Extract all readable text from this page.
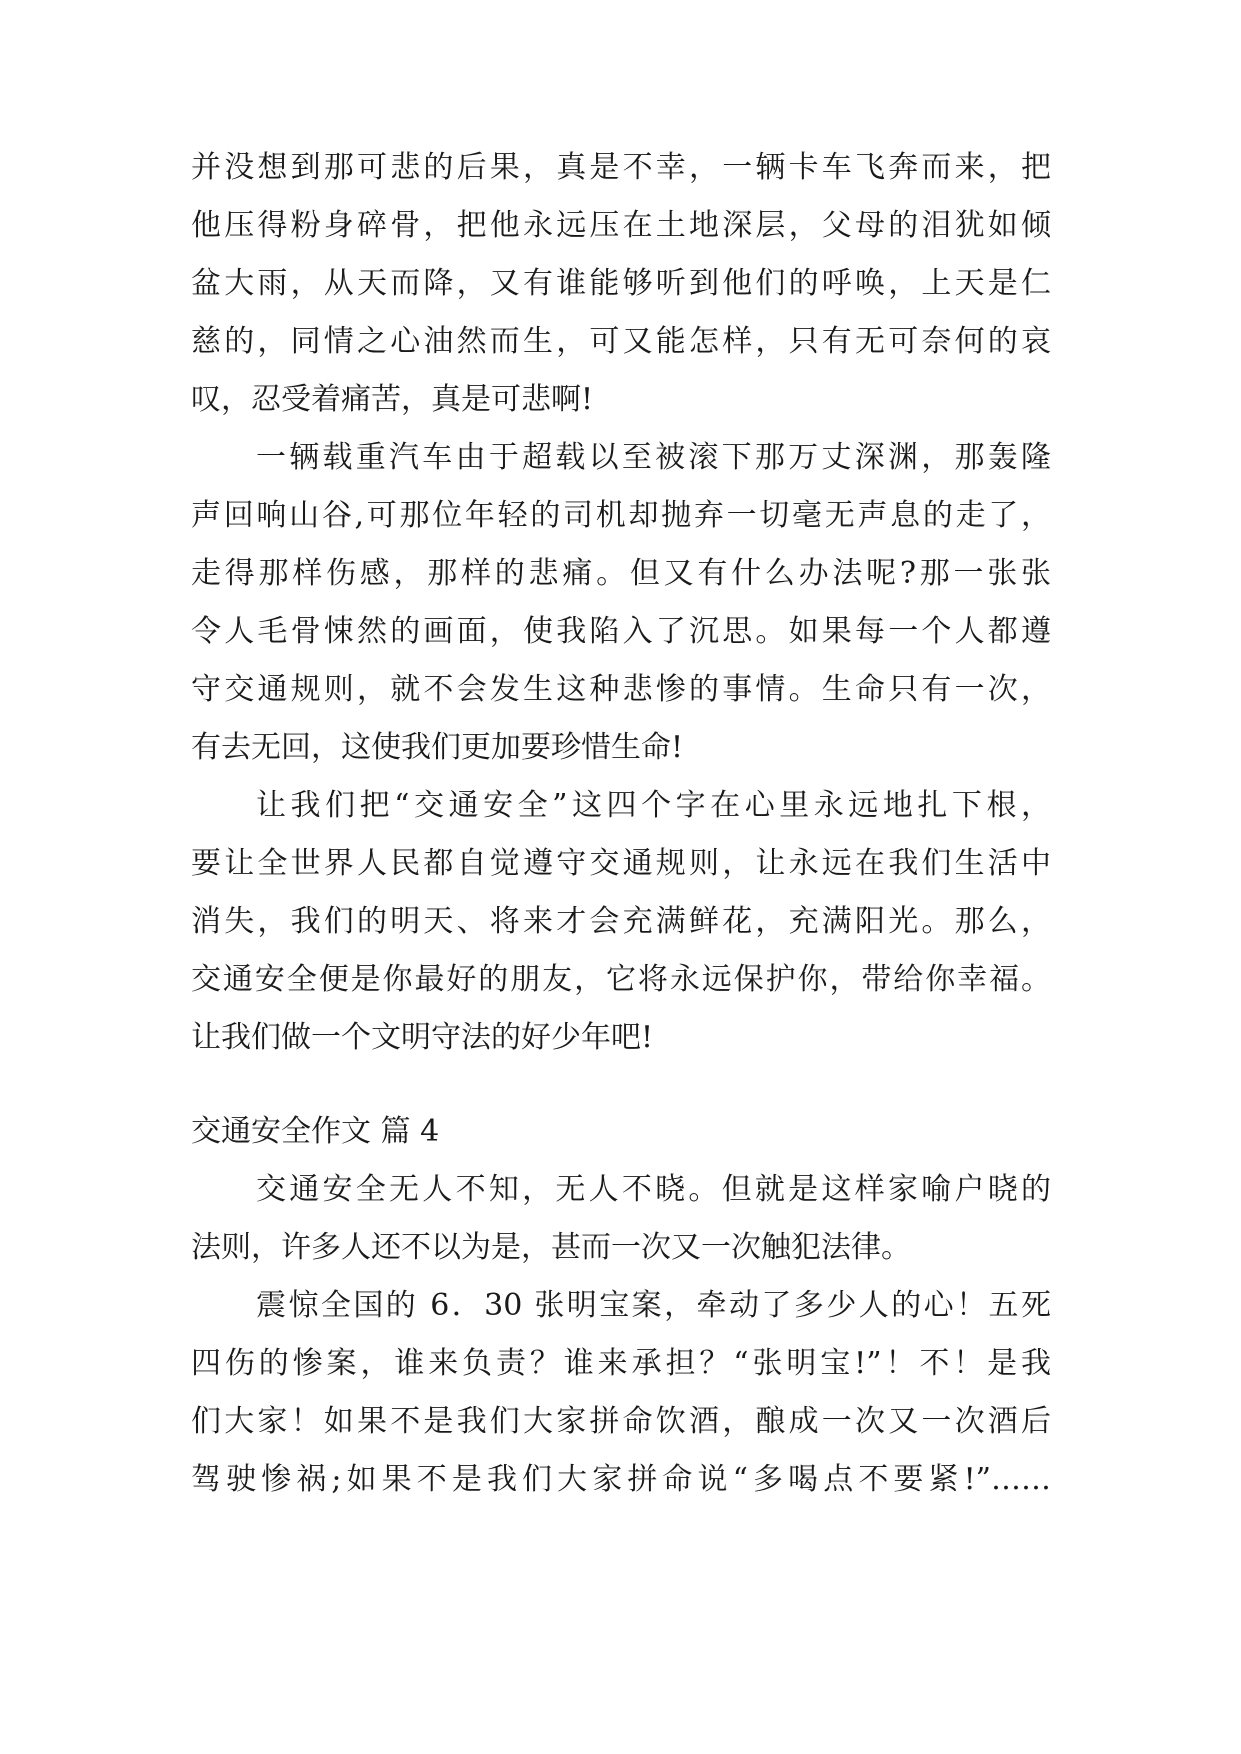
并没想到那可悲的后果，真是不幸，一辆卡车飞奔而来，把
他压得粉身碎骨，把他永远压在土地深层，父母的泪犹如倾
盆大雨，从天而降，又有谁能够听到他们的呼唤，上天是仁
慈的，同情之心油然而生，可又能怎样，只有无可奈何的哀
叹，忍受着痛苦，真是可悲啊!
一辆载重汽车由于超载以至被滚下那万丈深渊，那轰隆
声回响山谷,可那位年轻的司机却抛弃一切毫无声息的走了，
走得那样伤感，那样的悲痛。但又有什么办法呢?那一张张
令人毛骨悚然的画面，使我陷入了沉思。如果每一个人都遵
守交通规则，就不会发生这种悲惨的事情。生命只有一次，
有去无回，这使我们更加要珍惜生命!
让我们把“交通安全”这四个字在心里永远地扎下根，
要让全世界人民都自觉遵守交通规则，让永远在我们生活中
消失，我们的明天、将来才会充满鲜花，充满阳光。那么，
交通安全便是你最好的朋友，它将永远保护你，带给你幸福。
让我们做一个文明守法的好少年吧!
交通安全作文 篇 4
交通安全无人不知，无人不晓。但就是这样家喻户晓的
法则，许多人还不以为是，甚而一次又一次触犯法律。
震惊全国的 6．30 张明宝案，牵动了多少人的心！五死
四伤的惨案，谁来负责？谁来承担？“张明宝!”！不！是我
们大家！如果不是我们大家拼命饮酒，酿成一次又一次酒后
驾驶惨祸;如果不是我们大家拼命说“多喝点不要紧!”……
